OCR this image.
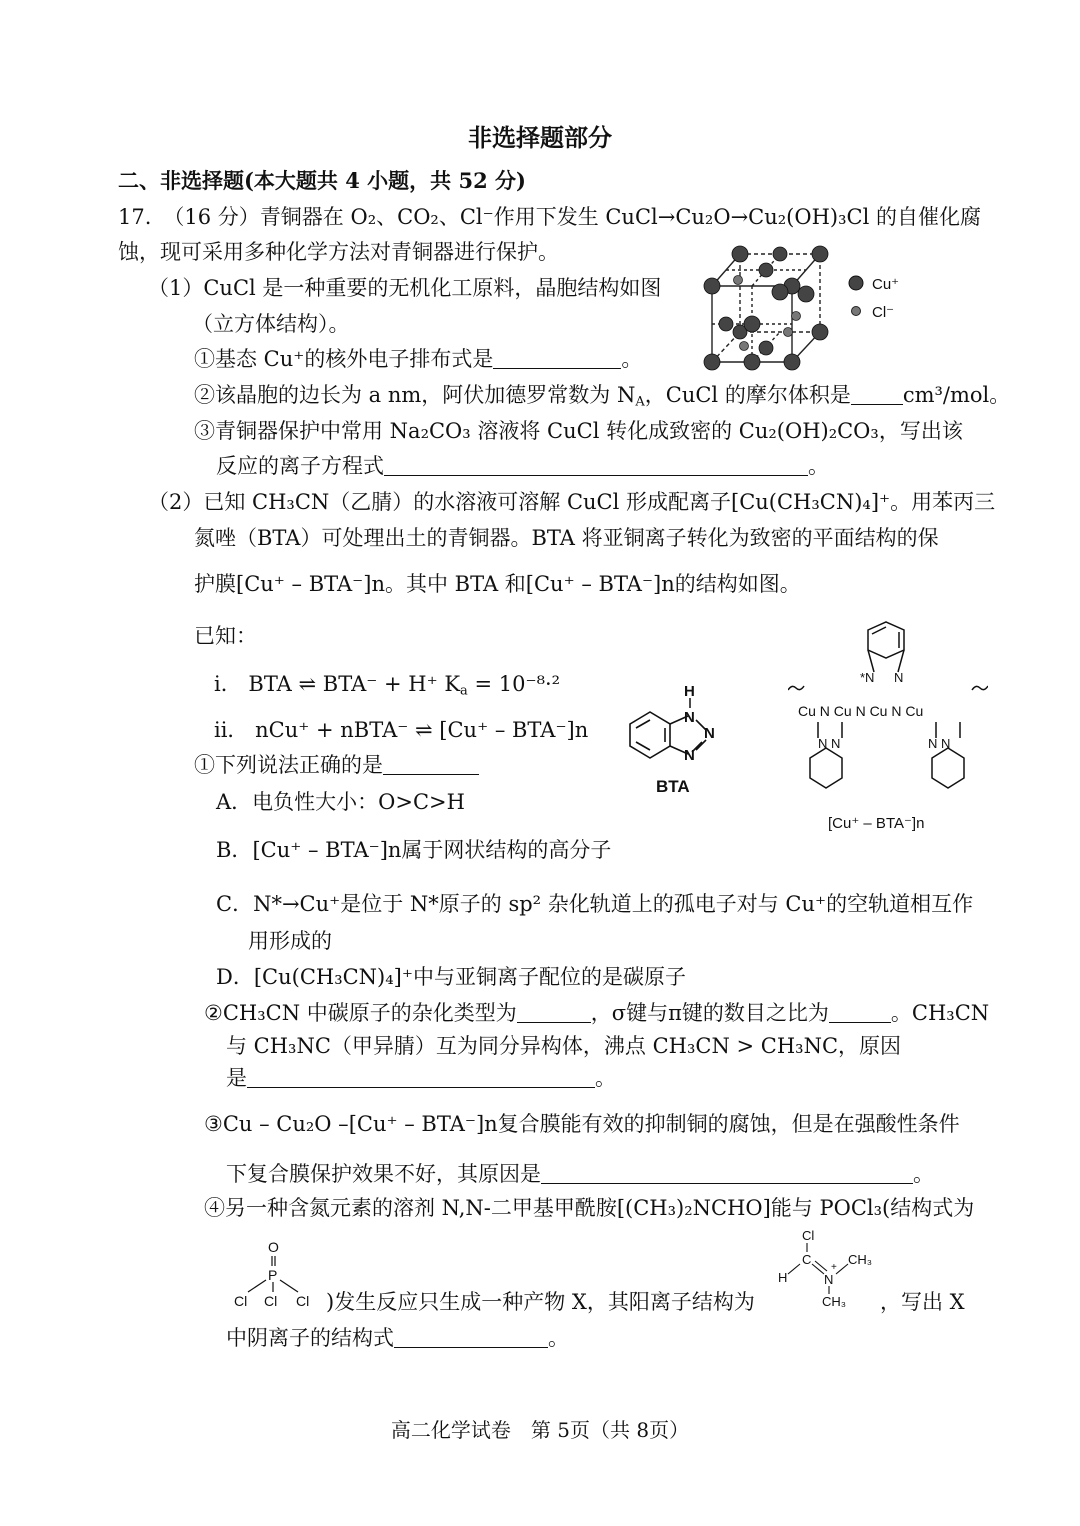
非选择题部分
二、非选择题(本大题共 4 小题，共 52 分)
17. （16 分）青铜器在 O₂、CO₂、Cl⁻作用下发生 CuCl→Cu₂O→Cu₂(OH)₃Cl 的自催化腐
蚀，现可采用多种化学方法对青铜器进行保护。
（1）CuCl 是一种重要的无机化工原料，晶胞结构如图
（立方体结构）。
①基态 Cu⁺的核外电子排布式是	。
②该晶胞的边长为 a nm，阿伏加德罗常数为 $N_A$，CuCl 的摩尔体积是 cm³/mol。
③青铜器保护中常用 Na₂CO₃ 溶液将 CuCl 转化成致密的 Cu₂(OH)₂CO₃，写出该
反应的离子方程式	。
Cu⁺
Cl⁻
（2）已知 CH₃CN（乙腈）的水溶液可溶解 CuCl 形成配离子[Cu(CH₃CN)₄]⁺。用苯丙三
氮唑（BTA）可处理出土的青铜器。BTA 将亚铜离子转化为致密的平面结构的保
护膜[Cu⁺ – BTA⁻]n。其中 BTA 和[Cu⁺ – BTA⁻]n的结构如图。
已知：
i． BTA ⇌ BTA⁻ + H⁺ $K_a = 10^{-8}\cdot^2$
ii． nCu⁺ + nBTA⁻ ⇌ [Cu⁺ – BTA⁻]n
H
N
N
N
BTA
*N N
Cu N Cu N Cu N Cu
N N	N N
[Cu⁺ – BTA⁻]n
①下列说法正确的是
A．电负性大小：O>C>H
B．[Cu⁺ – BTA⁻]n属于网状结构的高分子
C．N*→Cu⁺是位于 N*原子的 sp² 杂化轨道上的孤电子对与 Cu⁺的空轨道相互作
用形成的
D．[Cu(CH₃CN)₄]⁺中与亚铜离子配位的是碳原子
②CH₃CN 中碳原子的杂化类型为	，σ键与π键的数目之比为	。CH₃CN
与 CH₃NC（甲异腈）互为同分异构体，沸点 CH₃CN > CH₃NC，原因
是	。
③Cu – Cu₂O –[Cu⁺ – BTA⁻]n复合膜能有效的抑制铜的腐蚀，但是在强酸性条件
下复合膜保护效果不好，其原因是	。
④另一种含氮元素的溶剂 N,N-二甲基甲酰胺[(CH₃)₂NCHO]能与 POCl₃(结构式为
O
P
Cl Cl Cl )发生反应只生成一种产物 X，其阳离子结构为
Cl
C
H	N
+
CH₃
CH₃ ，写出 X
中阴离子的结构式	。
高二化学试卷　第 5页（共 8页）
